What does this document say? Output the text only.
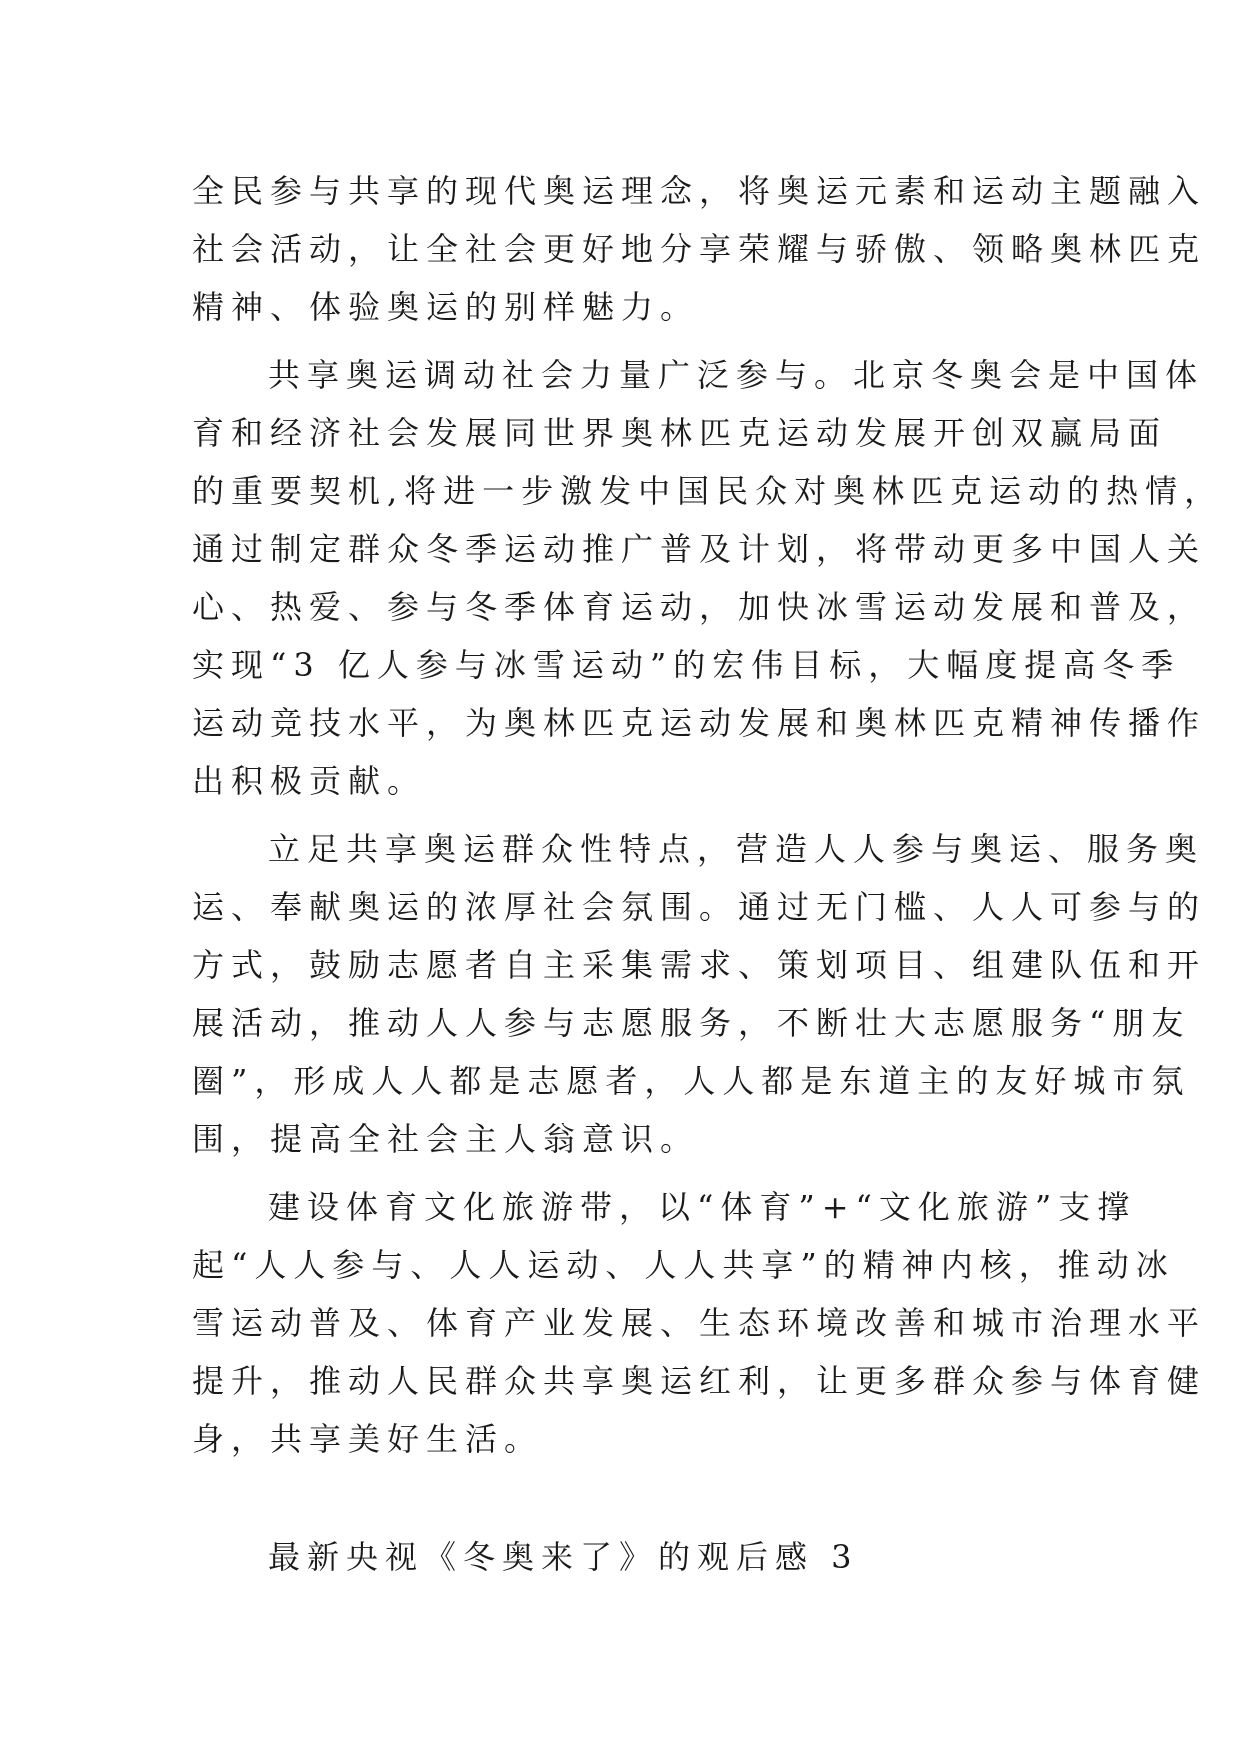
全民参与共享的现代奥运理念，将奥运元素和运动主题融入
社会活动，让全社会更好地分享荣耀与骄傲、领略奥林匹克
精神、体验奥运的别样魅力。
共享奥运调动社会力量广泛参与。北京冬奥会是中国体
育和经济社会发展同世界奥林匹克运动发展开创双赢局面
的重要契机,将进一步激发中国民众对奥林匹克运动的热情，
通过制定群众冬季运动推广普及计划，将带动更多中国人关
心、热爱、参与冬季体育运动，加快冰雪运动发展和普及，
实现“3 亿人参与冰雪运动”的宏伟目标，大幅度提高冬季
运动竞技水平，为奥林匹克运动发展和奥林匹克精神传播作
出积极贡献。
立足共享奥运群众性特点，营造人人参与奥运、服务奥
运、奉献奥运的浓厚社会氛围。通过无门槛、人人可参与的
方式，鼓励志愿者自主采集需求、策划项目、组建队伍和开
展活动，推动人人参与志愿服务，不断壮大志愿服务“朋友
圈”，形成人人都是志愿者，人人都是东道主的友好城市氛
围，提高全社会主人翁意识。
建设体育文化旅游带，以“体育”+“文化旅游”支撑
起“人人参与、人人运动、人人共享”的精神内核，推动冰
雪运动普及、体育产业发展、生态环境改善和城市治理水平
提升，推动人民群众共享奥运红利，让更多群众参与体育健
身，共享美好生活。
最新央视《冬奥来了》的观后感 3
